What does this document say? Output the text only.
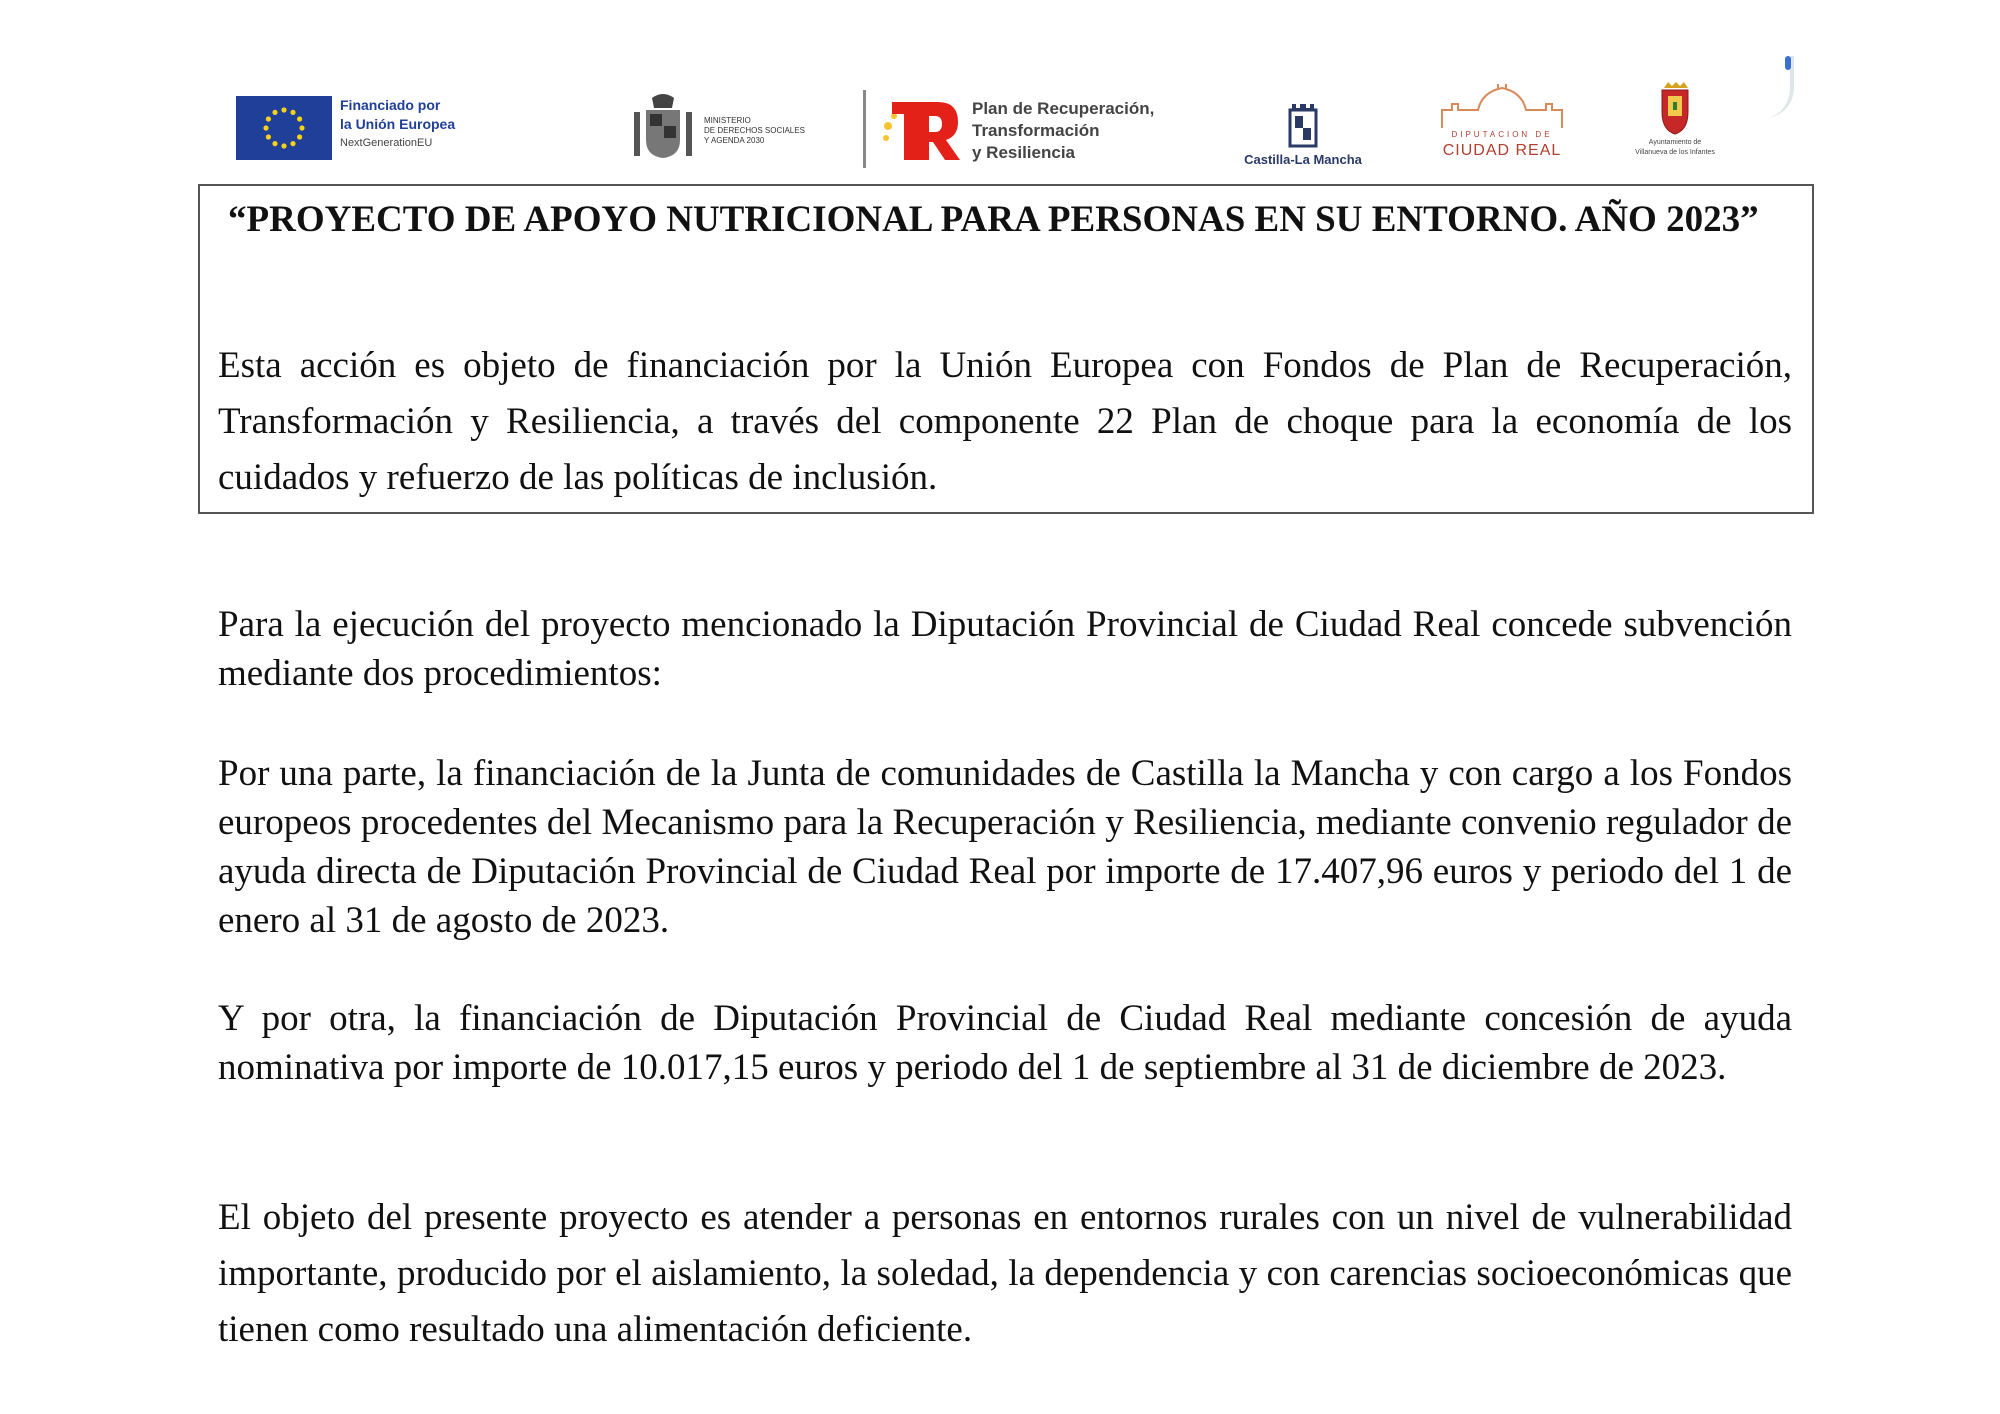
Financiado por
la Unión Europea
NextGenerationEU
MINISTERIO
DE DERECHOS SOCIALES
Y AGENDA 2030
Plan de Recuperación,
Transformación
y Resiliencia	Castilla-La Mancha
DIPUTACION DE
CIUDAD REAL	Ayuntamiento de
Villanueva de los Infantes
“PROYECTO DE APOYO NUTRICIONAL PARA PERSONAS EN SU ENTORNO. AÑO 2023”
Esta acción es objeto de financiación por la Unión Europea con Fondos de Plan de Recuperación, Transformación y Resiliencia, a través del componente 22 Plan de choque para la economía de los cuidados y refuerzo de las políticas de inclusión.
Para la ejecución del proyecto mencionado la Diputación Provincial de Ciudad Real concede subvención mediante dos procedimientos:
Por una parte, la financiación de la Junta de comunidades de Castilla la Mancha y con cargo a los Fondos europeos procedentes del Mecanismo para la Recuperación y Resiliencia, mediante convenio regulador de ayuda directa de Diputación Provincial de Ciudad Real por importe de 17.407,96 euros y periodo del 1 de enero al 31 de agosto de 2023.
Y por otra, la financiación de Diputación Provincial de Ciudad Real mediante concesión de ayuda nominativa por importe de 10.017,15 euros y periodo del 1 de septiembre al 31 de diciembre de 2023.
El objeto del presente proyecto es atender a personas en entornos rurales con un nivel de vulnerabilidad importante, producido por el aislamiento, la soledad, la dependencia y con carencias socioeconómicas que tienen como resultado una alimentación deficiente.
